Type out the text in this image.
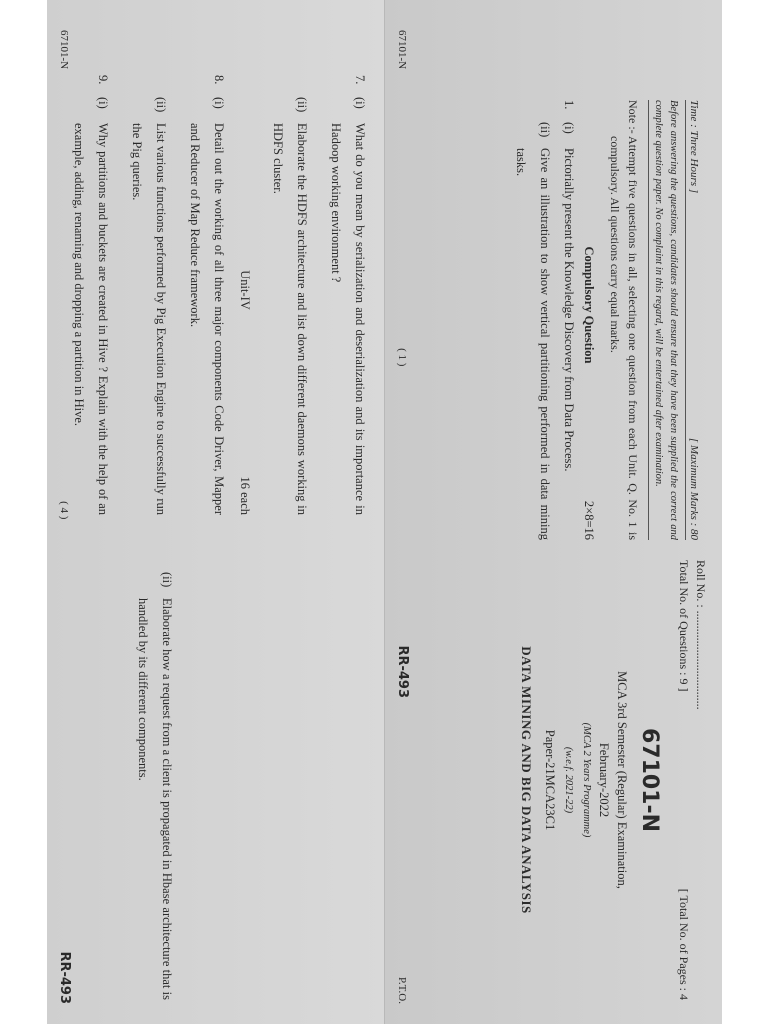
7.
(i)
What do you mean by serialization and deserialization and its importance in Hadoop working environment ?
(ii)
Elaborate the HDFS architecture and list down different daemons working in HDFS cluster.
Unit-IV
16 each
8.
(i)
Detail out the working of all three major components Code Driver, Mapper and Reducer of Map Reduce framework.
(ii)
List various functions performed by Pig Execution Engine to successfully run the Pig queries.
9.
(i)
Why partitions and buckets are created in Hive ? Explain with the help of an example, adding, renaming and dropping a partition in Hive.
(ii)
Elaborate how a request from a client is propagated in Hbase architecture that is handled by its different components.
67101-N
( 4 )
RR-493
Roll No. : .................................
Total No. of Questions : 9 ]
[ Total No. of Pages : 4
67101-N
MCA 3rd Semester (Regular) Examination,
February-2022
(MCA 2 Years Programme)
(w.e.f. 2021-22)
Paper-21MCA23C1
DATA MINING AND BIG DATA ANALYSIS
Time : Three Hours ]
[ Maximum Marks : 80
Before answering the questions, candidates should ensure that they have been supplied the correct and complete question paper. No complaint in this regard, will be entertained after examination.
Note :-
Attempt five questions in all, selecting one question from each Unit. Q. No. 1 is compulsory. All questions carry equal marks.
Compulsory Question
2×8=16
1.
(i)
Pictorially present the Knowledge Discovery from Data Process.
(ii)
Give an illustration to show vertical partitioning performed in data mining tasks.
67101-N
( 1 )
RR-493
P.T.O.
